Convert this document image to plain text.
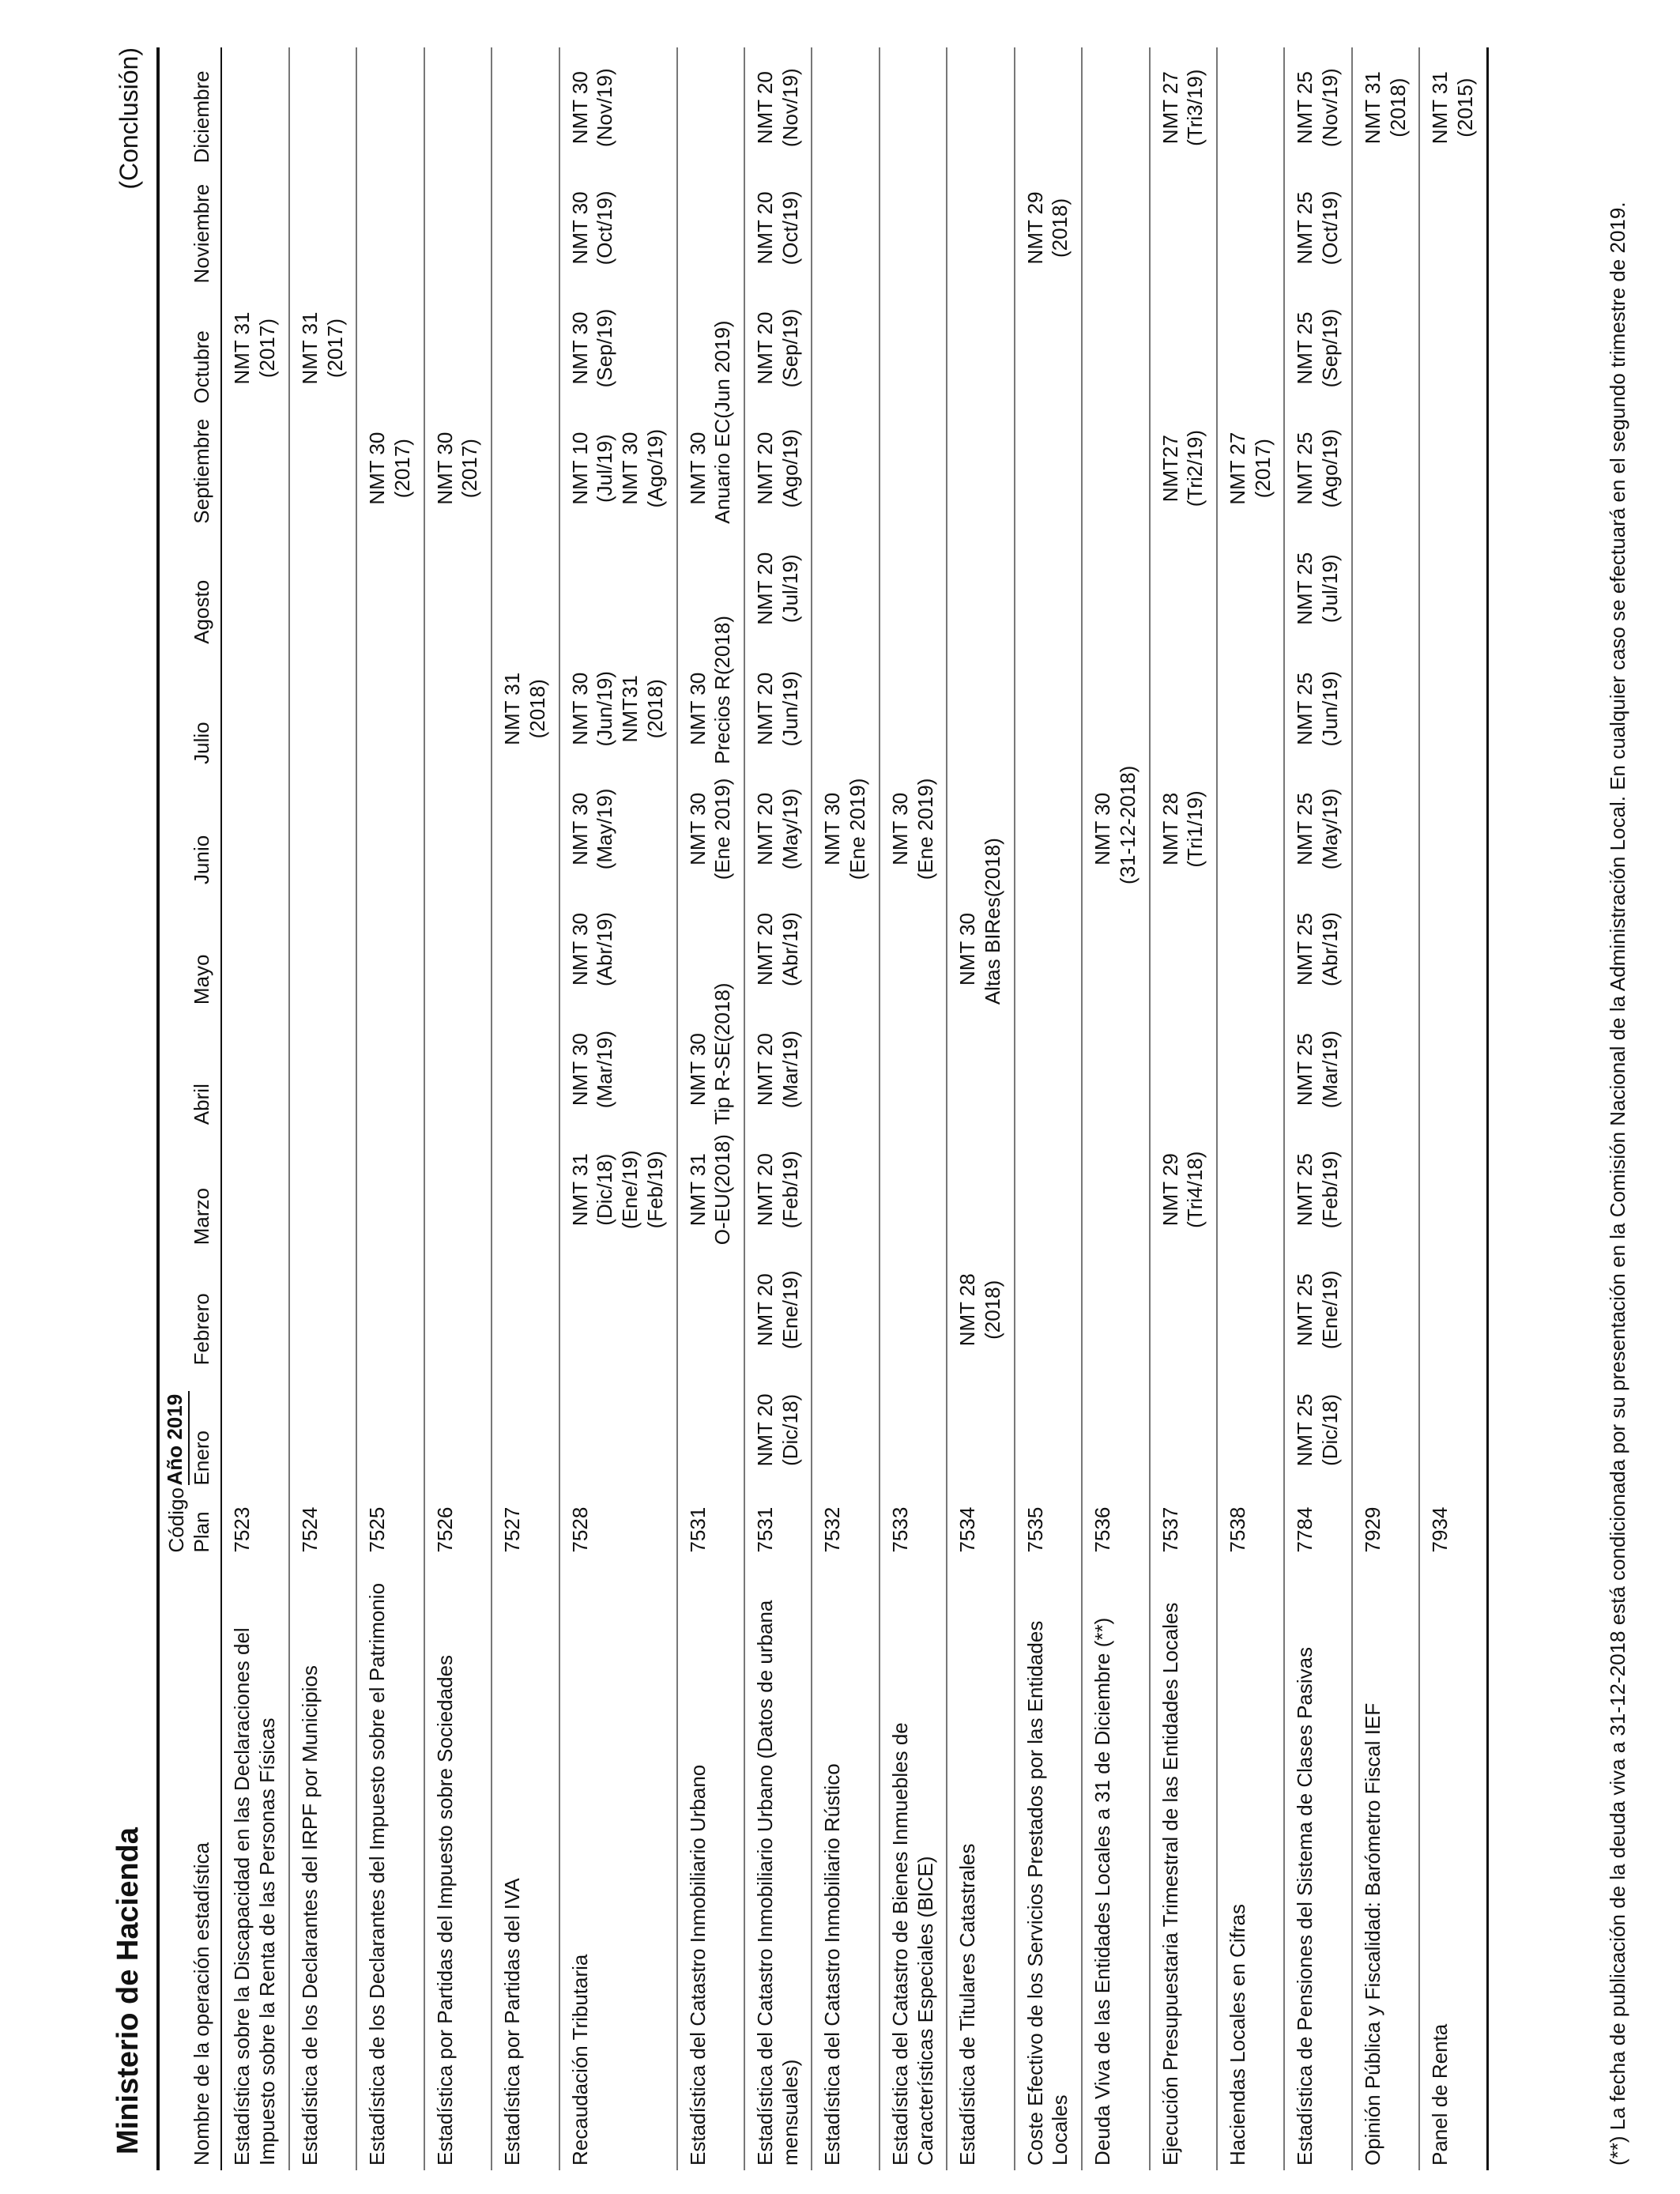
Ministerio de Hacienda
(Conclusión)
	Código	Año 2019											
Nombre de la operación estadística	Plan	Enero	Febrero	Marzo	Abril	Mayo	Junio	Julio	Agosto	Septiembre	Octubre	Noviembre	Diciembre
Estadística sobre la Discapacidad en las Declaraciones del Impuesto sobre la Renta de las Personas Físicas	7523										NMT 31 (2017)		

Estadística de los Declarantes del IRPF por Municipios	7524										NMT 31 (2017)		

Estadística de los Declarantes del Impuesto sobre el Patrimonio	7525									NMT 30 (2017)			

Estadística por Partidas del Impuesto sobre Sociedades	7526									NMT 30 (2017)			

Estadística por Partidas del IVA	7527							NMT 31 (2018)					

Recaudación Tributaria	7528			NMT 31 (Dic/18) (Ene/19) (Feb/19)	NMT 30 (Mar/19)	NMT 30 (Abr/19)	NMT 30 (May/19)	NMT 30 (Jun/19) NMT31 (2018)		NMT 10 (Jul/19) NMT 30 (Ago/19)	NMT 30 (Sep/19)	NMT 30 (Oct/19)	NMT 30 (Nov/19)

Estadística del Catastro Inmobiliario Urbano	7531			NMT 31 O-EU(2018)	NMT 30 Tip R-SE(2018)		NMT 30 (Ene 2019)	NMT 30 Precios R(2018)		NMT 30 Anuario EC(Jun 2019)			

Estadística del Catastro Inmobiliario Urbano (Datos de urbana mensuales)	7531	NMT 20 (Dic/18)	NMT 20 (Ene/19)	NMT 20 (Feb/19)	NMT 20 (Mar/19)	NMT 20 (Abr/19)	NMT 20 (May/19)	NMT 20 (Jun/19)	NMT 20 (Jul/19)	NMT 20 (Ago/19)	NMT 20 (Sep/19)	NMT 20 (Oct/19)	NMT 20 (Nov/19)

Estadística del Catastro Inmobiliario Rústico	7532						NMT 30 (Ene 2019)						

Estadística del Catastro de Bienes Inmuebles de Características Especiales (BICE)	7533						NMT 30 (Ene 2019)						

Estadística de Titulares Catastrales	7534		NMT 28 (2018)			NMT 30 Altas BIRes(2018)							

Coste Efectivo de los Servicios Prestados por las Entidades Locales	7535											NMT 29 (2018)	

Deuda Viva de las Entidades Locales a 31 de Diciembre (**)	7536						NMT 30 (31-12-2018)						

Ejecución Presupuestaria Trimestral de las Entidades Locales	7537			NMT 29 (Tri4/18)			NMT 28 (Tri1/19)			NMT27 (Tri2/19)			NMT 27 (Tri3/19)

Haciendas Locales en Cifras	7538									NMT 27 (2017)			

Estadística de Pensiones del Sistema de Clases Pasivas	7784	NMT 25 (Dic/18)	NMT 25 (Ene/19)	NMT 25 (Feb/19)	NMT 25 (Mar/19)	NMT 25 (Abr/19)	NMT 25 (May/19)	NMT 25 (Jun/19)	NMT 25 (Jul/19)	NMT 25 (Ago/19)	NMT 25 (Sep/19)	NMT 25 (Oct/19)	NMT 25 (Nov/19)

Opinión Pública y Fiscalidad: Barómetro Fiscal IEF	7929												NMT 31 (2018)

Panel de Renta	7934												NMT 31 (2015)
(**) La fecha de publicación de la deuda viva a 31-12-2018 está condicionada por su presentación en la Comisión Nacional de la Administración Local. En cualquier caso se efectuará en el segundo trimestre de 2019.
